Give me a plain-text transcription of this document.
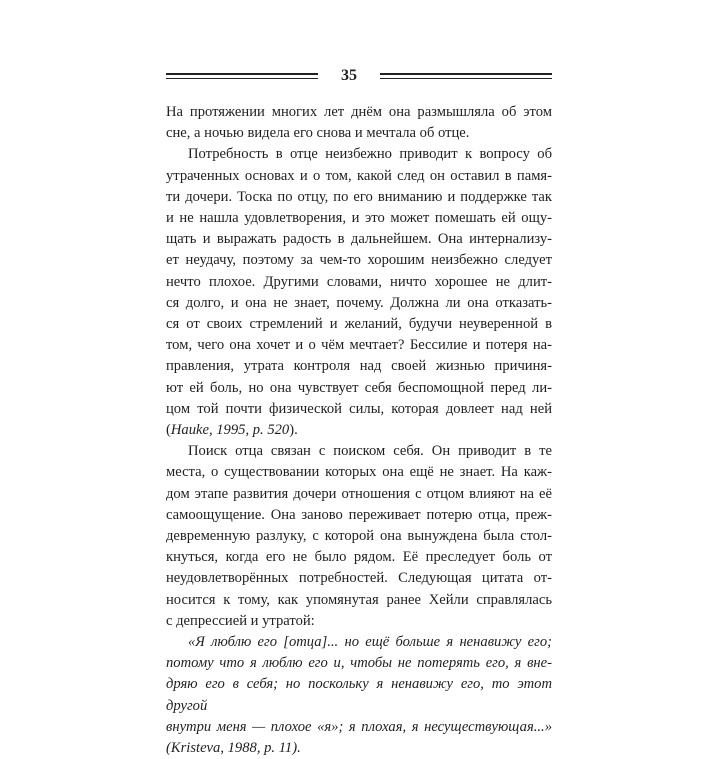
35

На протяжении многих лет днём она размышляла об этом

сне, а ночью видела его снова и мечтала об отце.

Потребность в отце неизбежно приводит к вопросу об

утраченных основах и о том, какой след он оставил в памя-

ти дочери. Тоска по отцу, по его вниманию и поддержке так

и не нашла удовлетворения, и это может помешать ей ощу-

щать и выражать радость в дальнейшем. Она интернализу-

ет неудачу, поэтому за чем-то хорошим неизбежно следует

нечто плохое. Другими словами, ничто хорошее не длит-

ся долго, и она не знает, почему. Должна ли она отказать-

ся от своих стремлений и желаний, будучи неуверенной в

том, чего она хочет и о чём мечтает? Бессилие и потеря на-

правления, утрата контроля над своей жизнью причиня-

ют ей боль, но она чувствует себя беспомощной перед ли-

цом той почти физической силы, которая довлеет над ней

(Hauke, 1995, p. 520).

Поиск отца связан с поиском себя. Он приводит в те

места, о существовании которых она ещё не знает. На каж-

дом этапе развития дочери отношения с отцом влияют на её

самоощущение. Она заново переживает потерю отца, преж-

девременную разлуку, с которой она вынуждена была стол-

кнуться, когда его не было рядом. Её преследует боль от

неудовлетворённых потребностей. Следующая цитата от-

носится к тому, как упомянутая ранее Хейли справлялась

с депрессией и утратой:

«Я люблю его [отца]... но ещё больше я ненавижу его;

потому что я люблю его и, чтобы не потерять его, я вне-

дряю его в себя; но поскольку я ненавижу его, то этот другой

внутри меня — плохое «я»; я плохая, я несуществующая...»

(Kristeva, 1988, p. 11).
